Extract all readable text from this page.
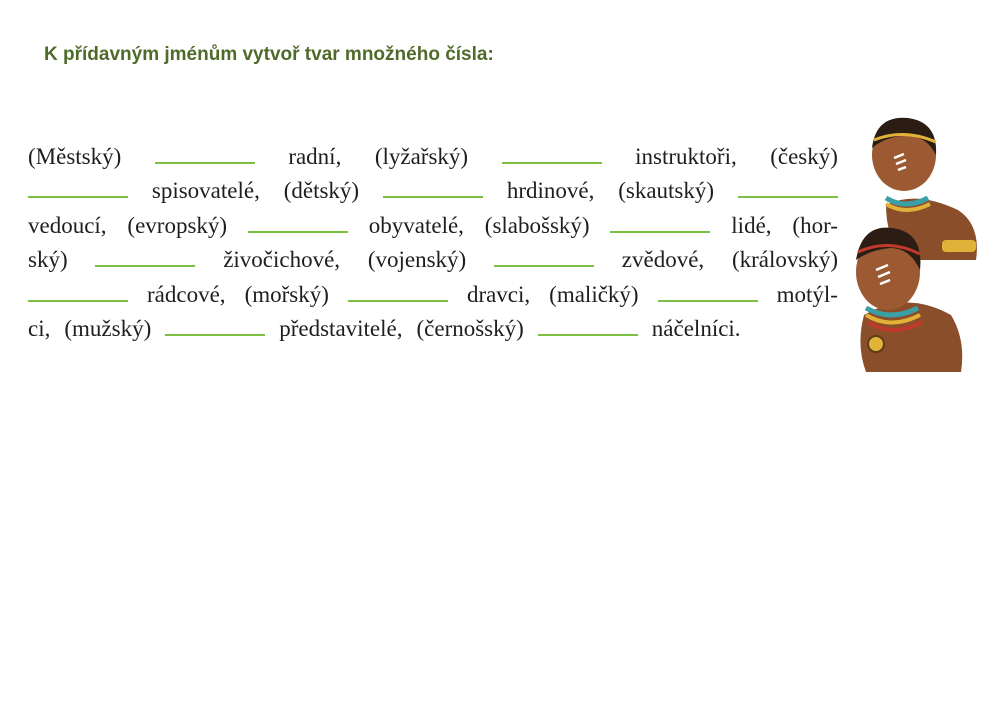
K přídavným jménům vytvoř tvar množného čísla:
(Městský)	radní, (lyžařský)	instruktoři, (český)
spisovatelé, (dětský)	hrdinové, (skautský)
vedoucí, (evropský)	obyvatelé, (slabošský)	lidé, (hor-
ský)	živočichové, (vojenský)	zvědové, (královský)
rádcové, (mořský)	dravci, (maličký)	motýl-
ci, (mužský)	představitelé, (černošský)	náčelníci.
